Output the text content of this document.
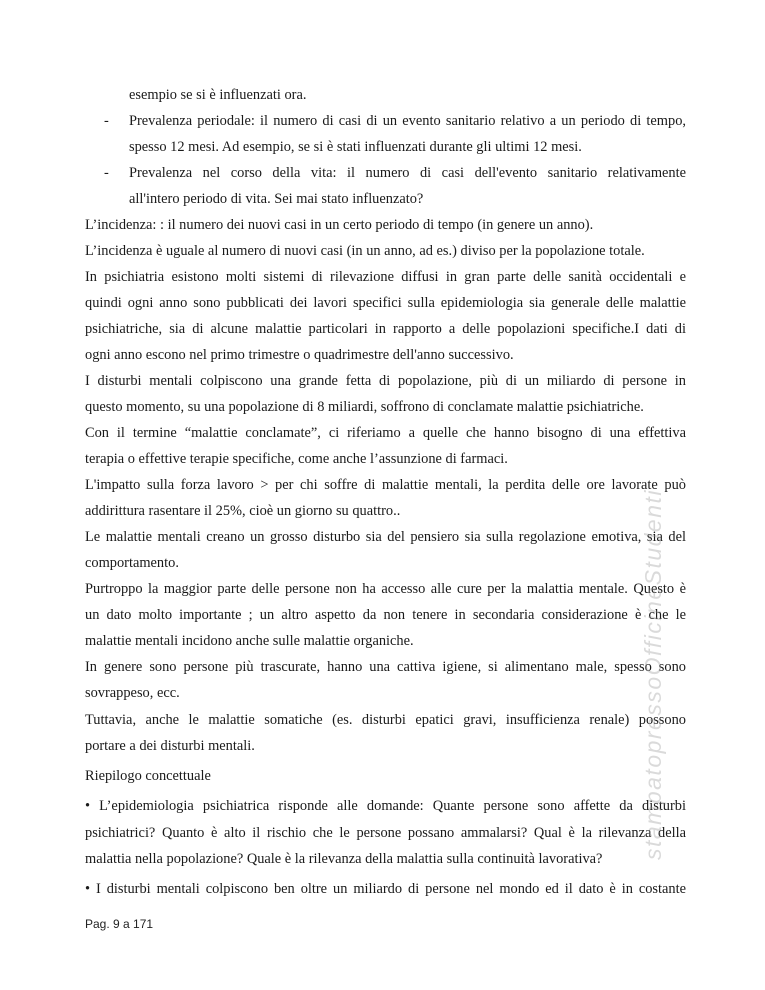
esempio se si è influenzati ora.
- Prevalenza periodale: il numero di casi di un evento sanitario relativo a un periodo di tempo,
spesso 12 mesi. Ad esempio, se si è stati influenzati durante gli ultimi 12 mesi.
- Prevalenza nel corso della vita: il numero di casi dell'evento sanitario relativamente
all'intero periodo di vita. Sei mai stato influenzato?
L’incidenza: : il numero dei nuovi casi in un certo periodo di tempo (in genere un anno).
L’incidenza è uguale al numero di nuovi casi (in un anno, ad es.) diviso per la popolazione totale.
In psichiatria esistono molti sistemi di rilevazione diffusi in gran parte delle sanità occidentali e
quindi ogni anno sono pubblicati dei lavori specifici sulla epidemiologia sia generale delle malattie
psichiatriche, sia di alcune malattie particolari in rapporto a delle popolazioni specifiche.I dati di
ogni anno escono nel primo trimestre o quadrimestre dell'anno successivo.
I disturbi mentali colpiscono una grande fetta di popolazione, più di un miliardo di persone in
questo momento, su una popolazione di 8 miliardi, soffrono di conclamate malattie psichiatriche.
Con il termine “malattie conclamate”, ci riferiamo a quelle che hanno bisogno di una effettiva
terapia o effettive terapie specifiche, come anche l’assunzione di farmaci.
L'impatto sulla forza lavoro > per chi soffre di malattie mentali, la perdita delle ore lavorate può
addirittura rasentare il 25%, cioè un giorno su quattro..
Le malattie mentali creano un grosso disturbo sia del pensiero sia sulla regolazione emotiva, sia del
comportamento.
Purtroppo la maggior parte delle persone non ha accesso alle cure per la malattia mentale. Questo è
un dato molto importante ; un altro aspetto da non tenere in secondaria considerazione è che le
malattie mentali incidono anche sulle malattie organiche.
In genere sono persone più trascurate, hanno una cattiva igiene, si alimentano male, spesso sono
sovrappeso, ecc.
Tuttavia, anche le malattie somatiche (es. disturbi epatici gravi, insufficienza renale) possono
portare a dei disturbi mentali.
Riepilogo concettuale
• L’epidemiologia psichiatrica risponde alle domande: Quante persone sono affette da disturbi
psichiatrici? Quanto è alto il rischio che le persone possano ammalarsi? Qual è la rilevanza della
malattia nella popolazione? Quale è la rilevanza della malattia sulla continuità lavorativa?
• I disturbi mentali colpiscono ben oltre un miliardo di persone nel mondo ed il dato è in costante
Pag. 9 a 171
stampatopressoOfficineStudenti
